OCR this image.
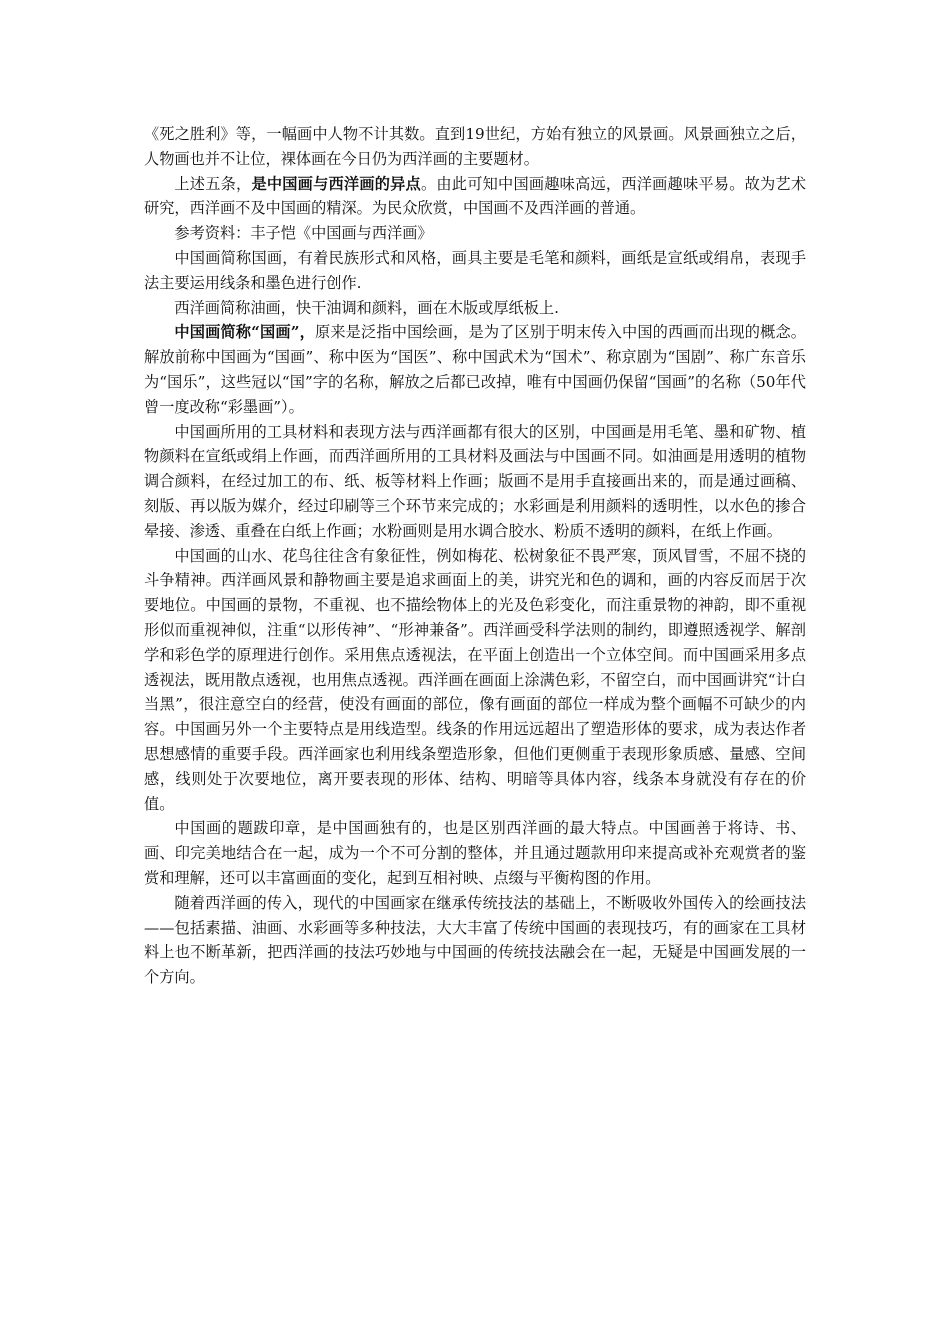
《死之胜利》等，一幅画中人物不计其数。直到19世纪，方始有独立的风景画。风景画独立之后，人物画也并不让位，裸体画在今日仍为西洋画的主要题材。

上述五条，是中国画与西洋画的异点。由此可知中国画趣味高远，西洋画趣味平易。故为艺术研究，西洋画不及中国画的精深。为民众欣赏，中国画不及西洋画的普通。

参考资料：丰子恺《中国画与西洋画》

中国画简称国画，有着民族形式和风格，画具主要是毛笔和颜料，画纸是宣纸或绢帛，表现手法主要运用线条和墨色进行创作.

西洋画简称油画，快干油调和颜料，画在木版或厚纸板上.

中国画简称“国画”，原来是泛指中国绘画，是为了区别于明末传入中国的西画而出现的概念。解放前称中国画为“国画”、称中医为“国医”、称中国武术为“国术”、称京剧为“国剧”、称广东音乐为“国乐”，这些冠以“国”字的名称，解放之后都已改掉，唯有中国画仍保留“国画”的名称（50年代曾一度改称“彩墨画”）。

中国画所用的工具材料和表现方法与西洋画都有很大的区别，中国画是用毛笔、墨和矿物、植物颜料在宣纸或绢上作画，而西洋画所用的工具材料及画法与中国画不同。如油画是用透明的植物调合颜料，在经过加工的布、纸、板等材料上作画；版画不是用手直接画出来的，而是通过画稿、刻版、再以版为媒介，经过印刷等三个环节来完成的；水彩画是利用颜料的透明性，以水色的掺合晕接、渗透、重叠在白纸上作画；水粉画则是用水调合胶水、粉质不透明的颜料，在纸上作画。

中国画的山水、花鸟往往含有象征性，例如梅花、松树象征不畏严寒，顶风冒雪，不屈不挠的斗争精神。西洋画风景和静物画主要是追求画面上的美，讲究光和色的调和，画的内容反而居于次要地位。中国画的景物，不重视、也不描绘物体上的光及色彩变化，而注重景物的神韵，即不重视形似而重视神似，注重“以形传神”、“形神兼备”。西洋画受科学法则的制约，即遵照透视学、解剖学和彩色学的原理进行创作。采用焦点透视法，在平面上创造出一个立体空间。而中国画采用多点透视法，既用散点透视，也用焦点透视。西洋画在画面上涂满色彩，不留空白，而中国画讲究“计白当黑”，很注意空白的经营，使没有画面的部位，像有画面的部位一样成为整个画幅不可缺少的内容。中国画另外一个主要特点是用线造型。线条的作用远远超出了塑造形体的要求，成为表达作者思想感情的重要手段。西洋画家也利用线条塑造形象，但他们更侧重于表现形象质感、量感、空间感，线则处于次要地位，离开要表现的形体、结构、明暗等具体内容，线条本身就没有存在的价值。

中国画的题跋印章，是中国画独有的，也是区别西洋画的最大特点。中国画善于将诗、书、画、印完美地结合在一起，成为一个不可分割的整体，并且通过题款用印来提高或补充观赏者的鉴赏和理解，还可以丰富画面的变化，起到互相衬映、点缀与平衡构图的作用。

随着西洋画的传入，现代的中国画家在继承传统技法的基础上，不断吸收外国传入的绘画技法——包括素描、油画、水彩画等多种技法，大大丰富了传统中国画的表现技巧，有的画家在工具材料上也不断革新，把西洋画的技法巧妙地与中国画的传统技法融会在一起，无疑是中国画发展的一个方向。
